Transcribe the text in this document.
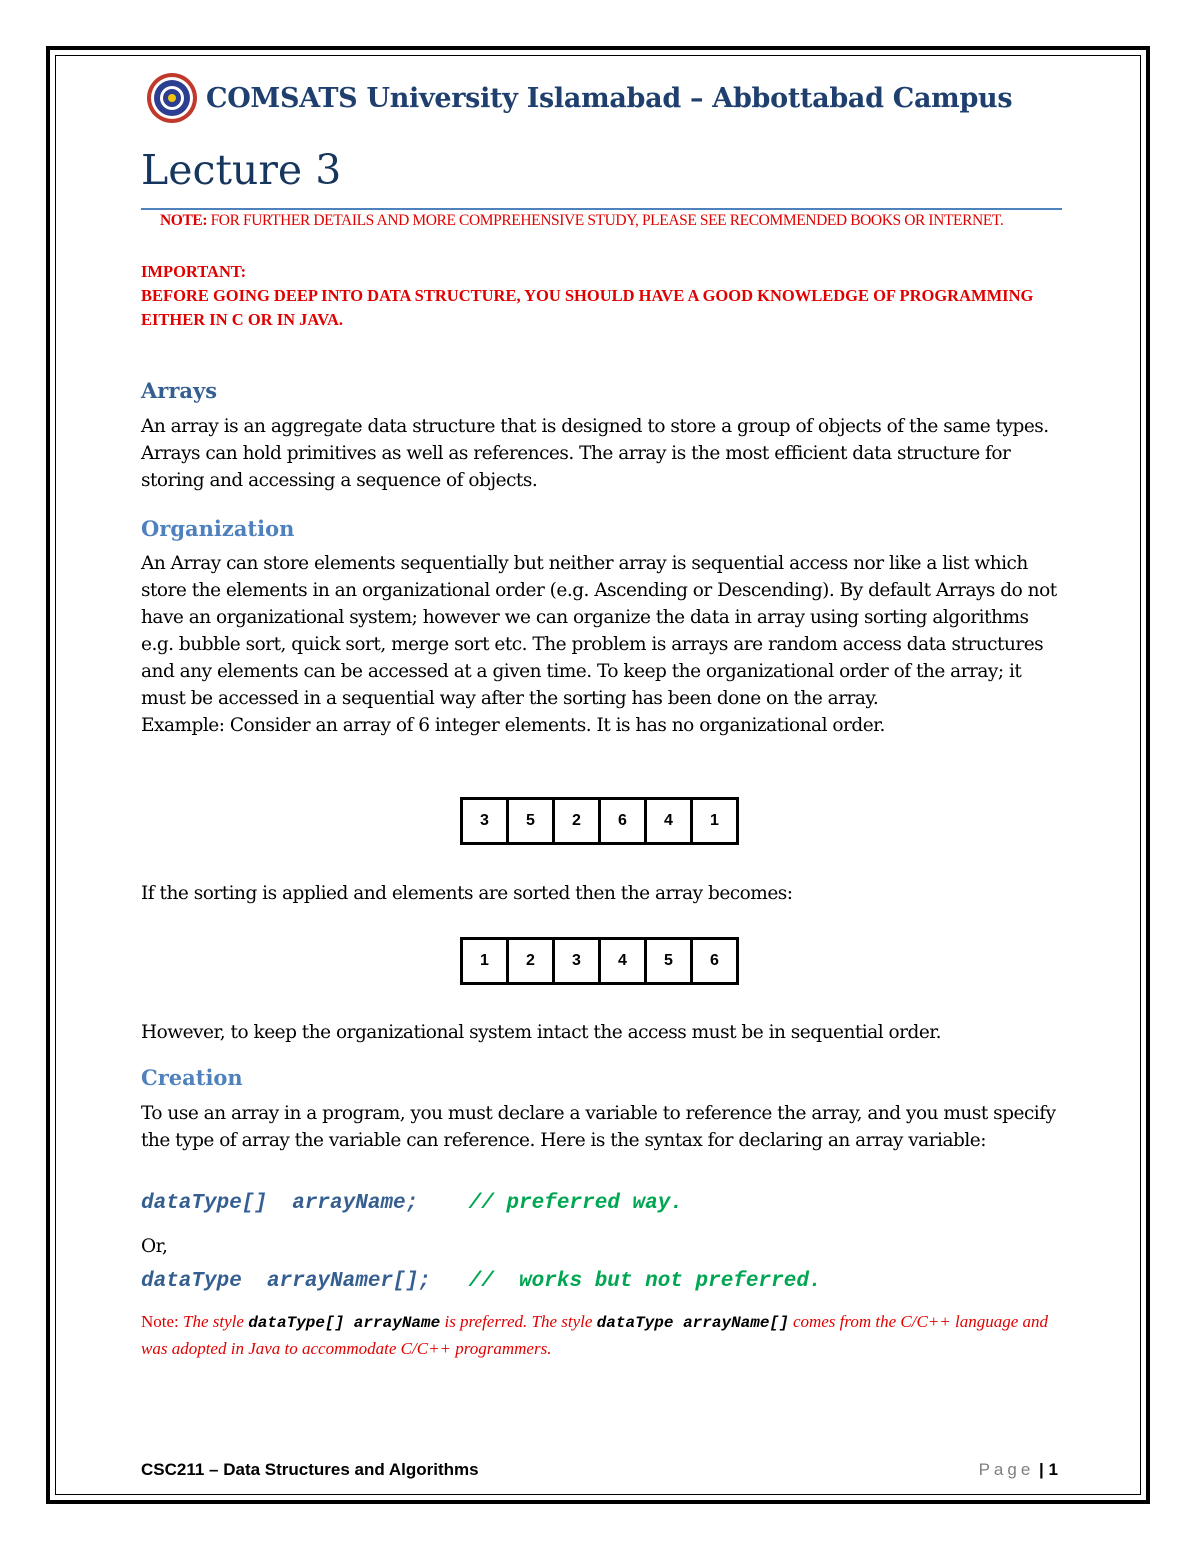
COMSATS University Islamabad – Abbottabad Campus
Lecture 3
NOTE: FOR FURTHER DETAILS AND MORE COMPREHENSIVE STUDY, PLEASE SEE RECOMMENDED BOOKS OR INTERNET.
IMPORTANT:
BEFORE GOING DEEP INTO DATA STRUCTURE, YOU SHOULD HAVE A GOOD KNOWLEDGE OF PROGRAMMING EITHER IN C OR IN JAVA.
Arrays
An array is an aggregate data structure that is designed to store a group of objects of the same types. Arrays can hold primitives as well as references. The array is the most efficient data structure for storing and accessing a sequence of objects.
Organization
An Array can store elements sequentially but neither array is sequential access nor like a list which store the elements in an organizational order (e.g. Ascending or Descending). By default Arrays do not have an organizational system; however we can organize the data in array using sorting algorithms e.g. bubble sort, quick sort, merge sort etc. The problem is arrays are random access data structures and any elements can be accessed at a given time. To keep the organizational order of the array; it must be accessed in a sequential way after the sorting has been done on the array.
Example: Consider an array of 6 integer elements. It is has no organizational order.
3	5	2	6	4	1
If the sorting is applied and elements are sorted then the array becomes:
1	2	3	4	5	6
However, to keep the organizational system intact the access must be in sequential order.
Creation
To use an array in a program, you must declare a variable to reference the array, and you must specify the type of array the variable can reference. Here is the syntax for declaring an array variable:
dataType[]  arrayName; // preferred way.
Or,
dataType  arrayNamer[]; //  works but not preferred.
Note: The style dataType[] arrayName is preferred. The style dataType arrayName[] comes from the C/C++ language and was adopted in Java to accommodate C/C++ programmers.
CSC211 – Data Structures and Algorithms	Page | 1
